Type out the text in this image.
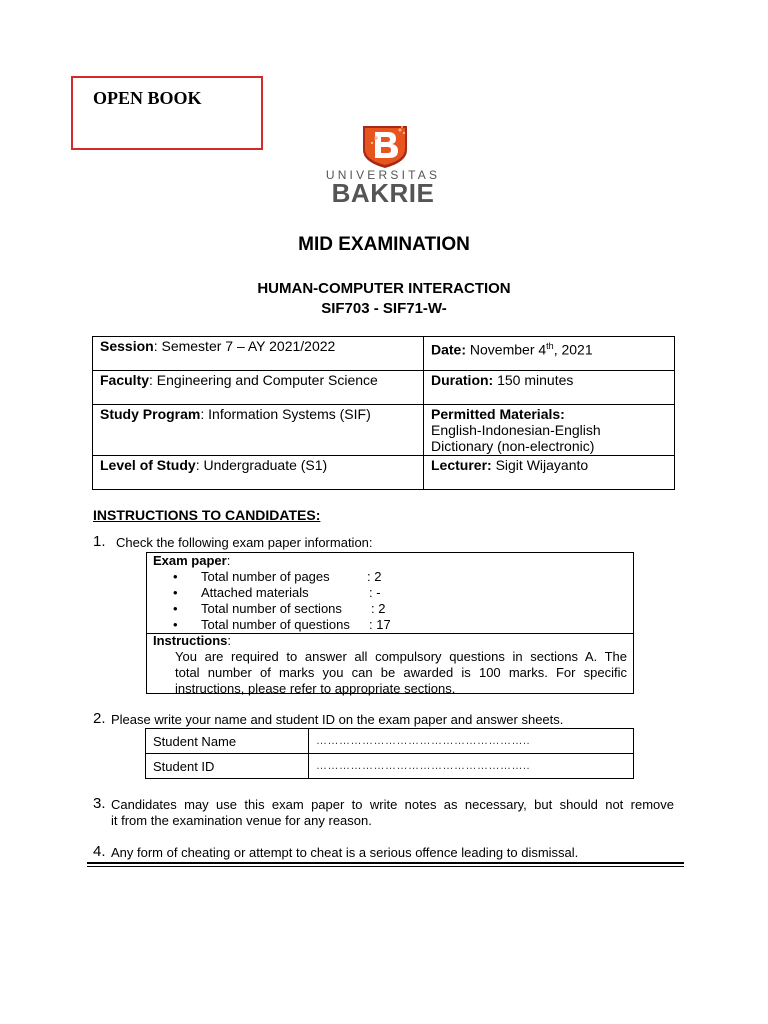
OPEN BOOK
UNIVERSITAS
BAKRIE
MID EXAMINATION
HUMAN-COMPUTER INTERACTION
SIF703 - SIF71-W-
Session: Semester 7 – AY 2021/2022	Date: November 4th, 2021
Faculty: Engineering and Computer Science	Duration: 150 minutes
Study Program: Information Systems (SIF)	Permitted Materials:
English-Indonesian-English
Dictionary (non-electronic)
Level of Study: Undergraduate (S1)	Lecturer: Sigit Wijayanto
INSTRUCTIONS TO CANDIDATES:
1. Check the following exam paper information:
Exam paper:
• Total number of pages	: 2
• Attached materials	: -
• Total number of sections : 2
• Total number of questions : 17
Instructions:
You are required to answer all compulsory questions in sections A. The
total number of marks you can be awarded is 100 marks. For specific
instructions, please refer to appropriate sections.
2. Please write your name and student ID on the exam paper and answer sheets.
Student Name	………………………………………………..
Student ID	………………………………………………..
3. Candidates may use this exam paper to write notes as necessary, but should not remove
it from the examination venue for any reason.
4. Any form of cheating or attempt to cheat is a serious offence leading to dismissal.
